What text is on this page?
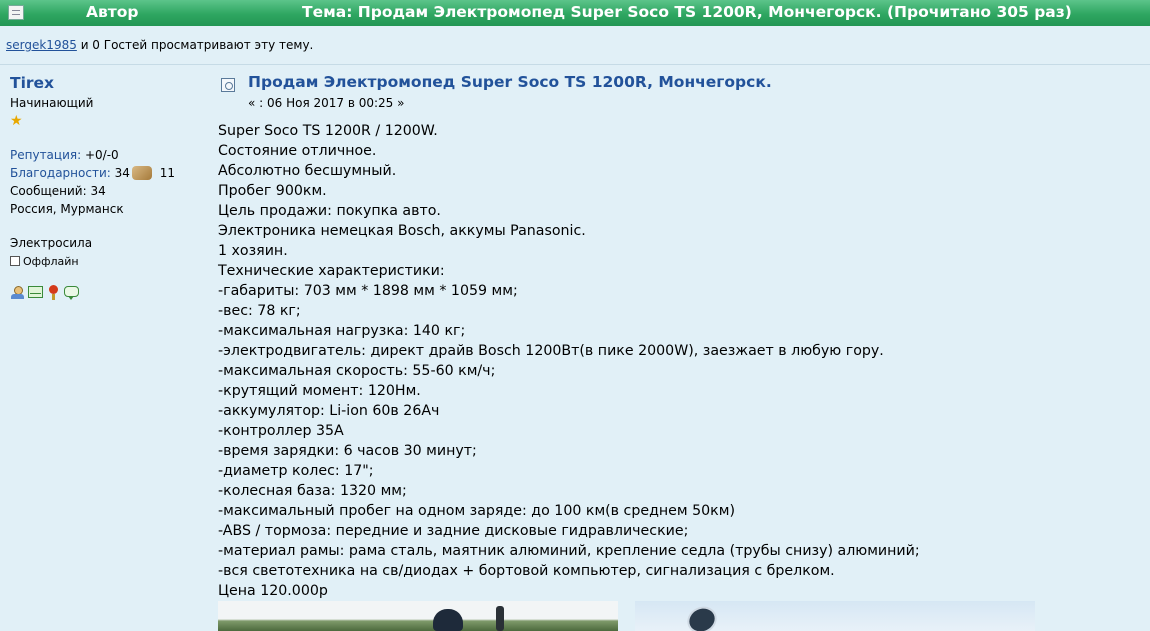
Автор	Тема: Продам Электромопед Super Soco TS 1200R, Мончегорск. (Прочитано 305 раз)
sergek1985 и 0 Гостей просматривают эту тему.
Tirex
Начинающий
★
Репутация: +0/-0
Благодарности: 34 11
Сообщений: 34
Россия, Мурманск
Электросила
Оффлайн
Продам Электромопед Super Soco TS 1200R, Мончегорск.
« : 06 Ноя 2017 в 00:25 »
Super Soco TS 1200R / 1200W.
Состояние отличное.
Абсолютно бесшумный.
Пробег 900км.
Цель продажи: покупка авто.
Электроника немецкая Bosch, аккумы Panasonic.
1 хозяин.
Технические характеристики:
-габариты: 703 мм * 1898 мм * 1059 мм;
-вес: 78 кг;
-максимальная нагрузка: 140 кг;
-электродвигатель: директ драйв Bosch 1200Вт(в пике 2000W), заезжает в любую гору.
-максимальная скорость: 55-60 км/ч;
-крутящий момент: 120Нм.
-аккумулятор: Li-ion 60в 26Ач
-контроллер 35А
-время зарядки: 6 часов 30 минут;
-диаметр колес: 17";
-колесная база: 1320 мм;
-максимальный пробег на одном заряде: до 100 км(в среднем 50км)
-ABS / тормоза: передние и задние дисковые гидравлические;
-материал рамы: рама сталь, маятник алюминий, крепление седла (трубы снизу) алюминий;
-вся светотехника на св/диодах + бортовой компьютер, сигнализация с брелком.
Цена 120.000р
